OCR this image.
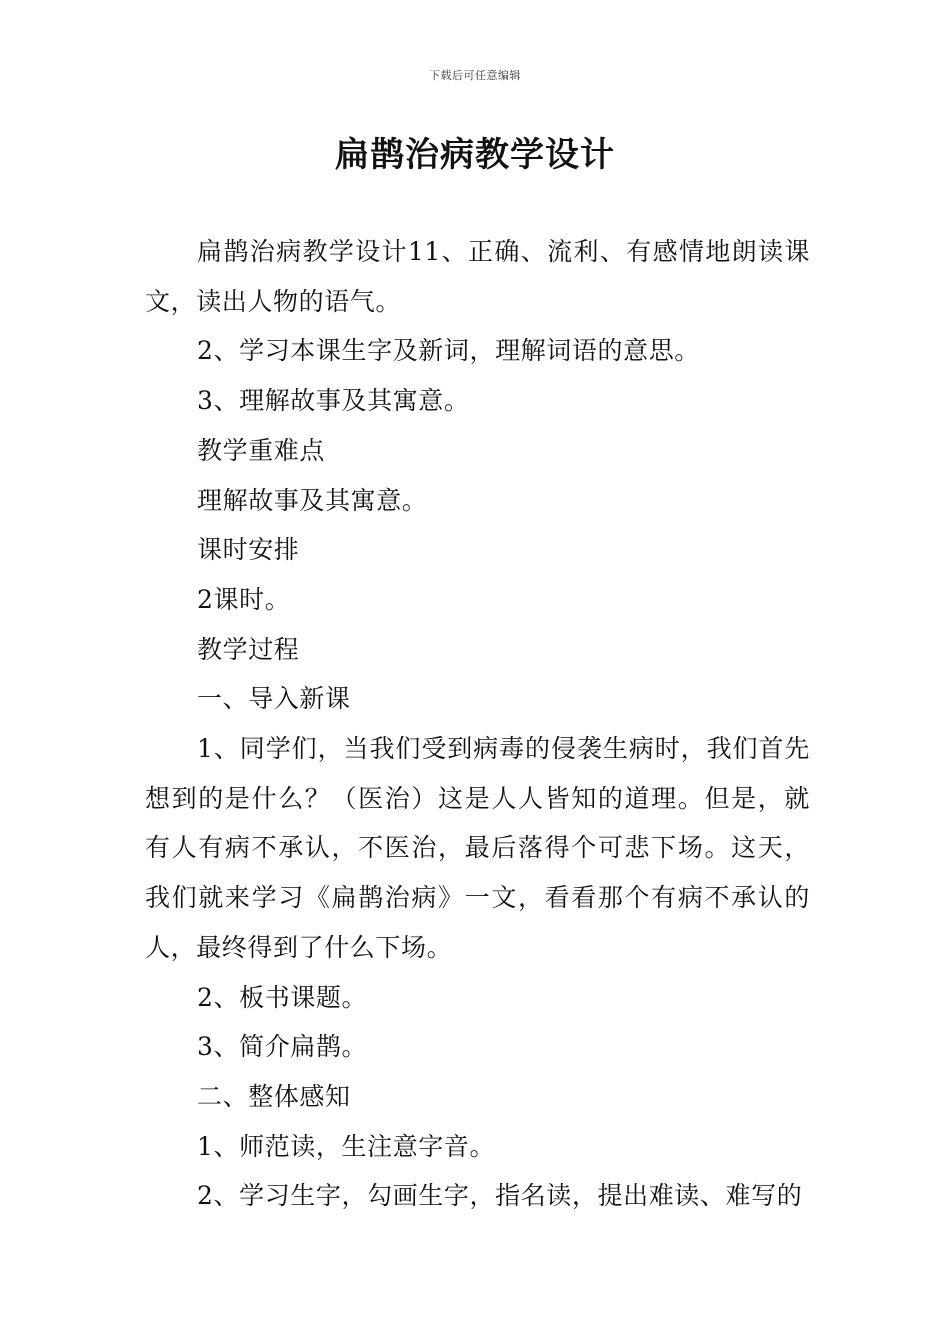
下载后可任意编辑
扁鹊治病教学设计

扁鹊治病教学设计11、正确、流利、有感情地朗读课文，读出人物的语气。

2、学习本课生字及新词，理解词语的意思。

3、理解故事及其寓意。

教学重难点

理解故事及其寓意。

课时安排

2课时。

教学过程

一、导入新课

1、同学们，当我们受到病毒的侵袭生病时，我们首先想到的是什么？（医治）这是人人皆知的道理。但是，就有人有病不承认，不医治，最后落得个可悲下场。这天，我们就来学习《扁鹊治病》一文，看看那个有病不承认的人，最终得到了什么下场。

2、板书课题。

3、简介扁鹊。

二、整体感知

1、师范读，生注意字音。

2、学习生字，勾画生字，指名读，提出难读、难写的
